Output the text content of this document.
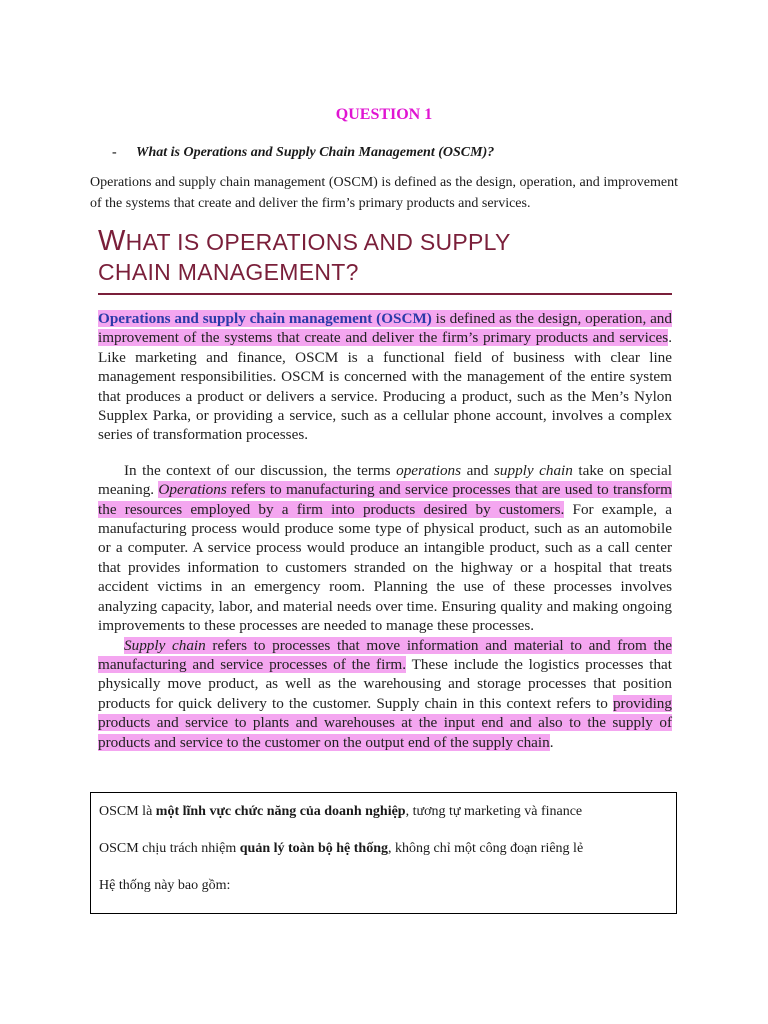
QUESTION 1
- What is Operations and Supply Chain Management (OSCM)?
Operations and supply chain management (OSCM) is defined as the design, operation, and improvement of the systems that create and deliver the firm’s primary products and services.
WHAT IS OPERATIONS AND SUPPLY
CHAIN MANAGEMENT?

Operations and supply chain management (OSCM) is defined as the design, operation, and improvement of the systems that create and deliver the firm’s primary products and services. Like marketing and finance, OSCM is a functional field of business with clear line management responsibilities. OSCM is concerned with the management of the entire system that produces a product or delivers a service. Producing a product, such as the Men’s Nylon Supplex Parka, or providing a service, such as a cellular phone account, involves a complex series of transformation processes.

In the context of our discussion, the terms operations and supply chain take on special meaning. Operations refers to manufacturing and service processes that are used to transform the resources employed by a firm into products desired by customers. For example, a manufacturing process would produce some type of physical product, such as an automobile or a computer. A service process would produce an intangible product, such as a call center that provides information to customers stranded on the highway or a hospital that treats accident victims in an emergency room. Planning the use of these processes involves analyzing capacity, labor, and material needs over time. Ensuring quality and making ongoing improvements to these processes are needed to manage these processes.

Supply chain refers to processes that move information and material to and from the manufacturing and service processes of the firm. These include the logistics processes that physically move product, as well as the warehousing and storage processes that position products for quick delivery to the customer. Supply chain in this context refers to providing products and service to plants and warehouses at the input end and also to the supply of products and service to the customer on the output end of the supply chain.

OSCM là một lĩnh vực chức năng của doanh nghiệp, tương tự marketing và finance

OSCM chịu trách nhiệm quản lý toàn bộ hệ thống, không chỉ một công đoạn riêng lẻ

Hệ thống này bao gồm:
